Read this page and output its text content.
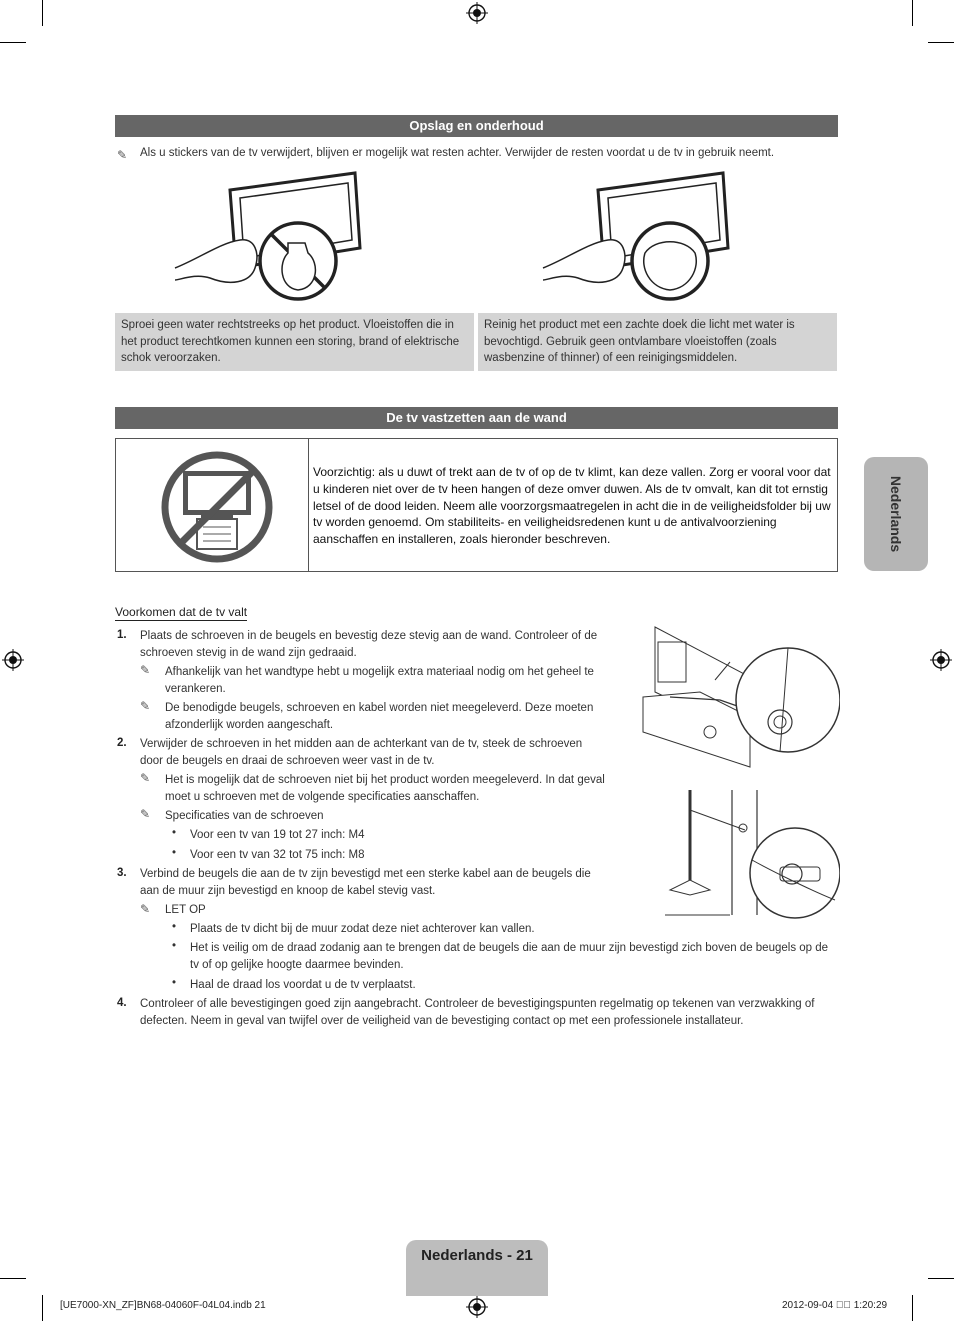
Opslag en onderhoud
✎ Als u stickers van de tv verwijdert, blijven er mogelijk wat resten achter. Verwijder de resten voordat u de tv in gebruik neemt.
Sproei geen water rechtstreeks op het product. Vloeistoffen die in het product terechtkomen kunnen een storing, brand of elektrische schok veroorzaken.
Reinig het product met een zachte doek die licht met water is bevochtigd. Gebruik geen ontvlambare vloeistoffen (zoals wasbenzine of thinner) of een reinigingsmiddelen.
De tv vastzetten aan de wand
Voorzichtig: als u duwt of trekt aan de tv of op de tv klimt, kan deze vallen. Zorg er vooral voor dat u kinderen niet over de tv heen hangen of deze omver duwen. Als de tv omvalt, kan dit tot ernstig letsel of de dood leiden. Neem alle voorzorgsmaatregelen in acht die in de veiligheidsfolder bij uw tv worden genoemd. Om stabiliteits- en veiligheidsredenen kunt u de antivalvoorziening aanschaffen en installeren, zoals hieronder beschreven.
Voorkomen dat de tv valt
1. Plaats de schroeven in de beugels en bevestig deze stevig aan de wand. Controleer of de schroeven stevig in de wand zijn gedraaid.
✎ Afhankelijk van het wandtype hebt u mogelijk extra materiaal nodig om het geheel te verankeren.
✎ De benodigde beugels, schroeven en kabel worden niet meegeleverd. Deze moeten afzonderlijk worden aangeschaft.
2. Verwijder de schroeven in het midden aan de achterkant van de tv, steek de schroeven door de beugels en draai de schroeven weer vast in de tv.
✎ Het is mogelijk dat de schroeven niet bij het product worden meegeleverd. In dat geval moet u schroeven met de volgende specificaties aanschaffen.
✎ Specificaties van de schroeven
• Voor een tv van 19 tot 27 inch: M4
• Voor een tv van 32 tot 75 inch: M8
3. Verbind de beugels die aan de tv zijn bevestigd met een sterke kabel aan de beugels die aan de muur zijn bevestigd en knoop de kabel stevig vast.
✎ LET OP
• Plaats de tv dicht bij de muur zodat deze niet achterover kan vallen.
• Het is veilig om de draad zodanig aan te brengen dat de beugels die aan de muur zijn bevestigd zich boven de beugels op de tv of op gelijke hoogte daarmee bevinden.
• Haal de draad los voordat u de tv verplaatst.
4. Controleer of alle bevestigingen goed zijn aangebracht. Controleer de bevestigingspunten regelmatig op tekenen van verzwakking of defecten. Neem in geval van twijfel over de veiligheid van de bevestiging contact op met een professionele installateur.
Nederlands
Nederlands - 21
[UE7000-XN_ZF]BN68-04060F-04L04.indb 21	2012-09-04    1:20:29
